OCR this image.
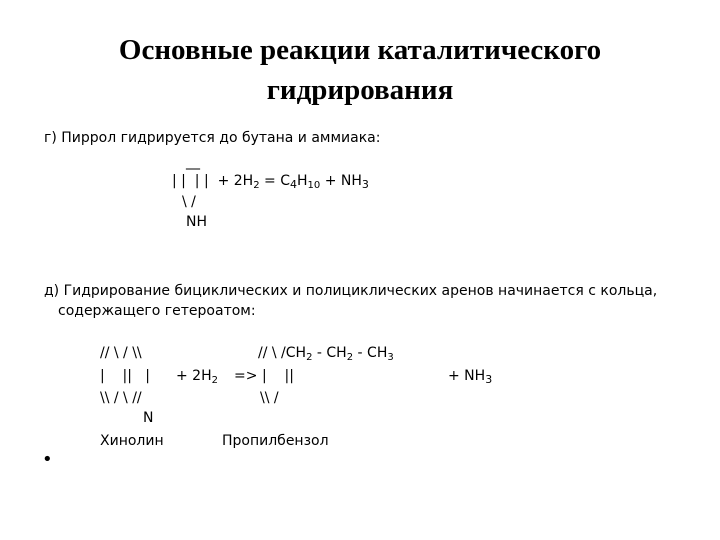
Основные реакции каталитического
гидрирования
г) Пиррол гидрируется до бутана и аммиака:
__
| |  | | + $2H_2 = C_4H_{10} + NH_3$
\ /
NH
д) Гидрирование бициклических и полициклических аренов начинается с кольца,
содержащего гетероатом:
// \ / \\	// \ $/CH_2 - CH_2 - CH_3$
|    ||   | + $2H_2$ => |    ||	+ $NH_3$
\\ / \ //	\\ /
N
Хинолин	Пропилбензол
•
